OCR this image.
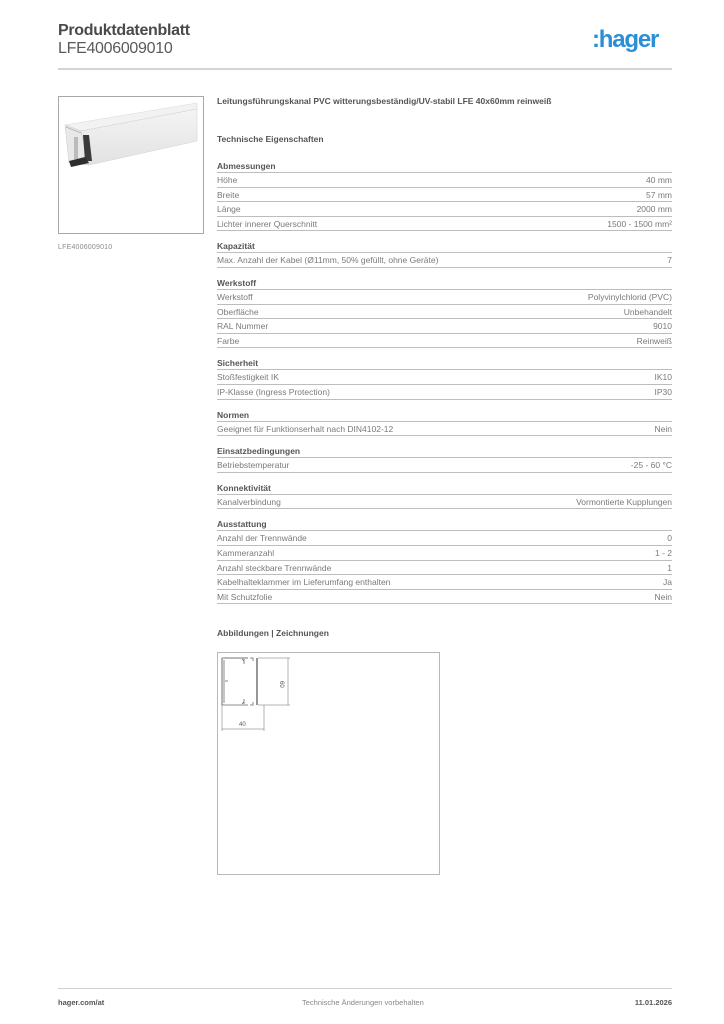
Produktdatenblatt
LFE4006009010	:hager
LFE4006009010
Leitungsführungskanal PVC witterungsbeständig/UV-stabil LFE 40x60mm reinweiß
Technische Eigenschaften
Abmessungen
Höhe	40 mm
Breite	57 mm
Länge	2000 mm
Lichter innerer Querschnitt	1500 - 1500 mm²
Kapazität
Max. Anzahl der Kabel (Ø11mm, 50% gefüllt, ohne Geräte)	7
Werkstoff
Werkstoff	Polyvinylchlorid (PVC)
Oberfläche	Unbehandelt
RAL Nummer	9010
Farbe	Reinweiß
Sicherheit
Stoßfestigkeit IK	IK10
IP-Klasse (Ingress Protection)	IP30
Normen
Geeignet für Funktionserhalt nach DIN4102-12	Nein
Einsatzbedingungen
Betriebstemperatur	-25 - 60 °C
Konnektivität
Kanalverbindung	Vormontierte Kupplungen
Ausstattung
Anzahl der Trennwände	0
Kammeranzahl	1 - 2
Anzahl steckbare Trennwände	1
Kabelhalteklammer im Lieferumfang enthalten	Ja
Mit Schutzfolie	Nein
Abbildungen | Zeichnungen
60
40
hager.com/at	Technische Änderungen vorbehalten	11.01.2026
